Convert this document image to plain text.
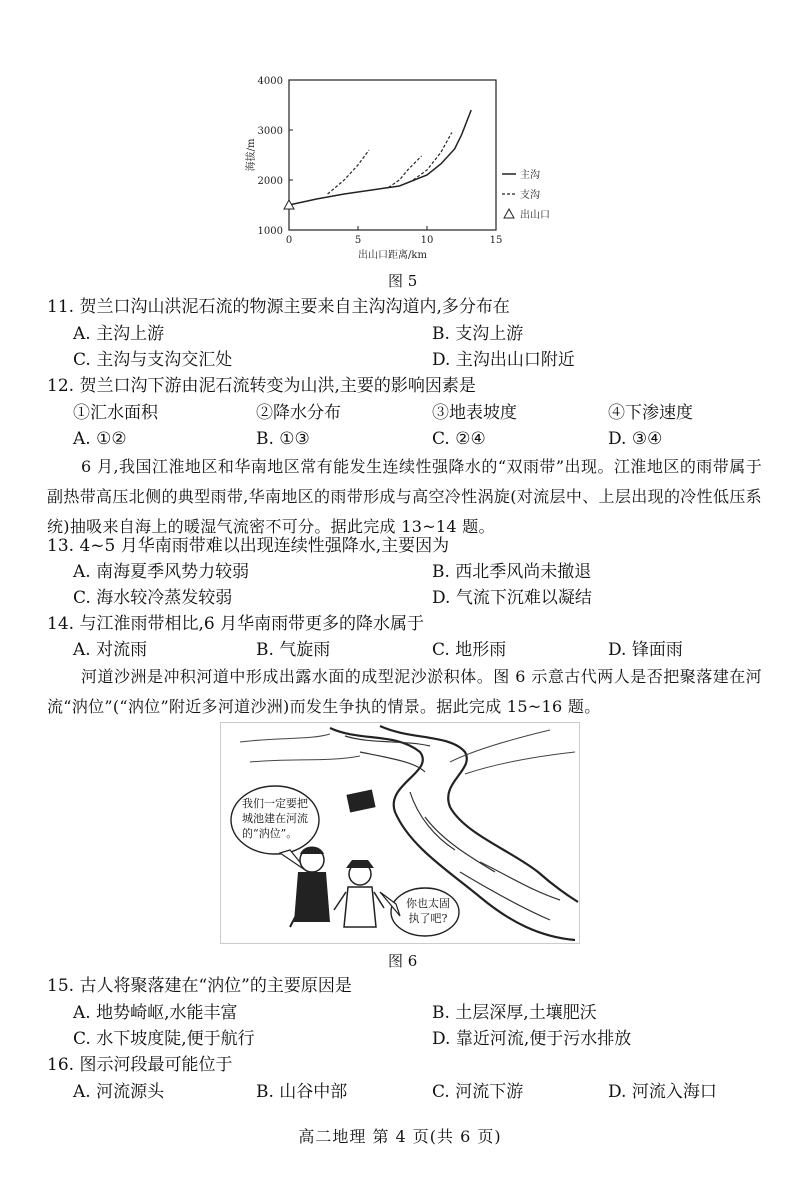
4000
3000
2000
1000
0	5	10	15
出山口距离/km
海拔/m
主沟
支沟
出山口
图 5
11. 贺兰口沟山洪泥石流的物源主要来自主沟沟道内,多分布在
A. 主沟上游	B. 支沟上游
C. 主沟与支沟交汇处	D. 主沟出山口附近
12. 贺兰口沟下游由泥石流转变为山洪,主要的影响因素是
①汇水面积	②降水分布	③地表坡度	④下渗速度
A. ①②	B. ①③	C. ②④	D. ③④
6 月,我国江淮地区和华南地区常有能发生连续性强降水的“双雨带”出现。江淮地区的雨带属于副热带高压北侧的典型雨带,华南地区的雨带形成与高空冷性涡旋(对流层中、上层出现的冷性低压系统)抽吸来自海上的暖湿气流密不可分。据此完成 13~14 题。
13. 4~5 月华南雨带难以出现连续性强降水,主要因为
A. 南海夏季风势力较弱	B. 西北季风尚未撤退
C. 海水较冷蒸发较弱	D. 气流下沉难以凝结
14. 与江淮雨带相比,6 月华南雨带更多的降水属于
A. 对流雨	B. 气旋雨	C. 地形雨	D. 锋面雨
河道沙洲是冲积河道中形成出露水面的成型泥沙淤积体。图 6 示意古代两人是否把聚落建在河流“汭位”(“汭位”附近多河道沙洲)而发生争执的情景。据此完成 15~16 题。
我们一定要把
城池建在河流
的“汭位”。
你也太固
执了吧?
图 6
15. 古人将聚落建在“汭位”的主要原因是
A. 地势崎岖,水能丰富	B. 土层深厚,土壤肥沃
C. 水下坡度陡,便于航行	D. 靠近河流,便于污水排放
16. 图示河段最可能位于
A. 河流源头	B. 山谷中部	C. 河流下游	D. 河流入海口
高二地理 第 4 页(共 6 页)
